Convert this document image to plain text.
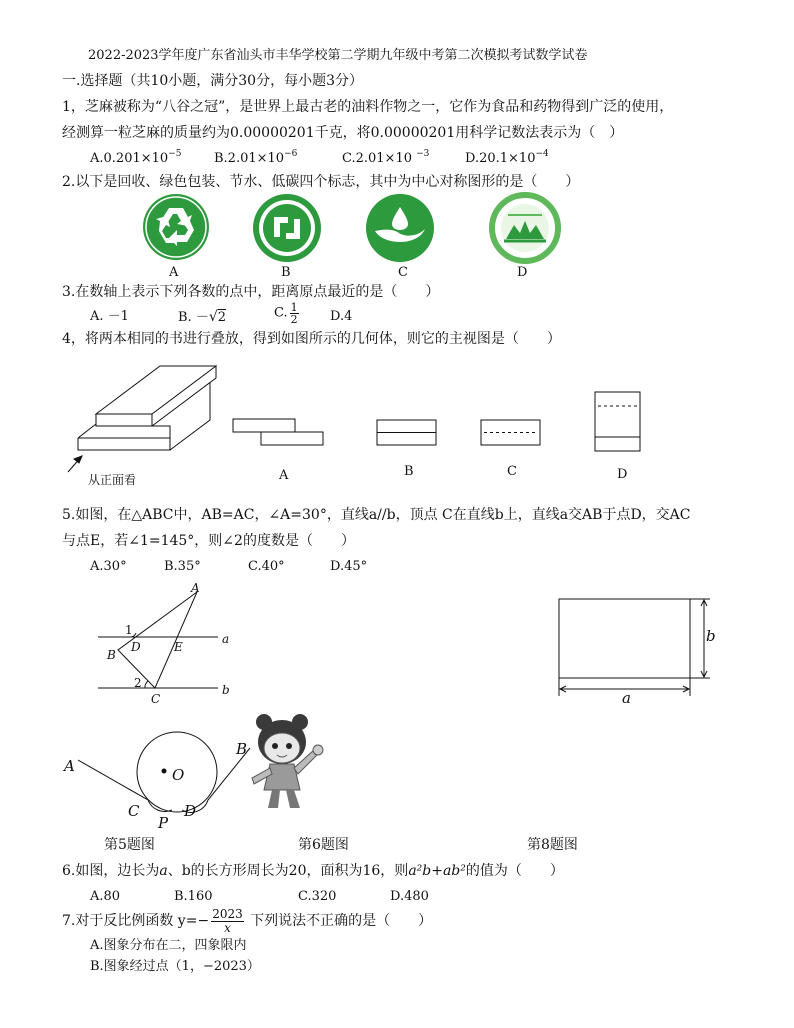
2022-2023学年度广东省汕头市丰华学校第二学期九年级中考第二次模拟考试数学试卷
一.选择题（共10小题，满分30分，每小题3分）
1，芝麻被称为“八谷之冠”，是世界上最古老的油料作物之一，它作为食品和药物得到广泛的使用，
经测算一粒芝麻的质量约为0.00000201千克，将0.00000201用科学记数法表示为（　）
$A.0.201\times 10^{-5}$	$B.2.01\times 10^{-6}$	C.2.01×10 $^{-3}$	$D.20.1\times 10^{-4}$
2.以下是回收、绿色包装、节水、低碳四个标志，其中为中心对称图形的是（　　）
A	B	C	D
3.在数轴上表示下列各数的点中，距离原点最近的是（　　）
A. －1	B. －√2	C. $\frac{1}{2} D.4$
4，将两本相同的书进行叠放，得到如图所示的几何体，则它的主视图是（　　）
从正面看	A	B	C	D
5.如图，在△ABC中，AB=AC，∠A=30°，直线a//b，顶点 C在直线b上，直线a交AB于点D，交AC
与点E，若∠1=145°，则∠2的度数是（　　）
A.30°	B.35°	C.40°	D.45°
A
1
D	E
a
B
2	b
C
b
a
A
B
O
C	D
P
第5题图	第6题图	第8题图
6.如图，边长为a、b的长方形周长为20，面积为16，则a²b+ab²的值为（　　）
A.80	B.160	C.320	D.480
7.对于反比例函数 $y=- \frac{2023}{x}$ 下列说法不正确的是（　　）
A.图象分布在二，四象限内
B.图象经过点（1，−2023）
